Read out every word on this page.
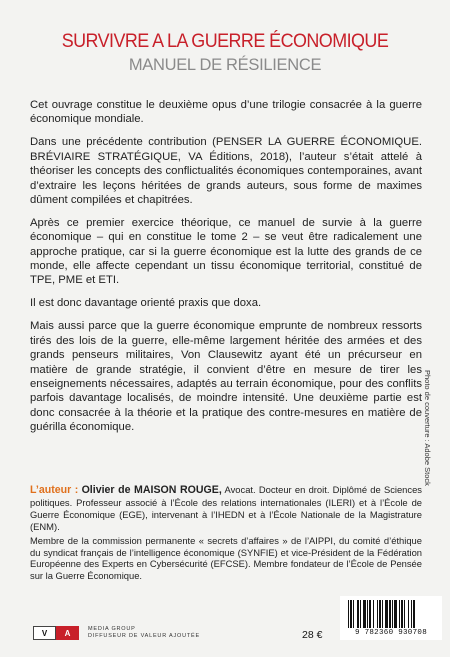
SURVIVRE A LA GUERRE ÉCONOMIQUE
MANUEL DE RÉSILIENCE

Cet ouvrage constitue le deuxième opus d’une trilogie consacrée à la guerre économique mondiale.

Dans une précédente contribution (PENSER LA GUERRE ÉCONOMIQUE. BRÉVIAIRE STRATÉGIQUE, VA Éditions, 2018), l’auteur s’était attelé à théoriser les concepts des conflictualités économiques contemporaines, avant d’extraire les leçons héritées de grands auteurs, sous forme de maximes dûment compilées et chapitrées.

Après ce premier exercice théorique, ce manuel de survie à la guerre économique – qui en constitue le tome 2 – se veut être radicalement une approche pratique, car si la guerre économique est la lutte des grands de ce monde, elle affecte cependant un tissu économique territorial, constitué de TPE, PME et ETI.

Il est donc davantage orienté praxis que doxa.

Mais aussi parce que la guerre économique emprunte de nombreux ressorts tirés des lois de la guerre, elle-même largement héritée des armées et des grands penseurs militaires, Von Clausewitz ayant été un précurseur en matière de grande stratégie, il convient d’être en mesure de tirer les enseignements nécessaires, adaptés au terrain économique, pour des conflits parfois davantage localisés, de moindre intensité. Une deuxième partie est donc consacrée à la théorie et la pratique des contre-mesures en matière de guérilla économique.

L’auteur : Olivier de MAISON ROUGE, Avocat. Docteur en droit. Diplômé de Sciences politiques. Professeur associé à l’École des relations internationales (ILERI) et à l’École de Guerre Économique (EGE), intervenant à l’IHEDN et à l’École Nationale de la Magistrature (ENM).

Membre de la commission permanente « secrets d’affaires » de l’AIPPI, du comité d’éthique du syndicat français de l’intelligence économique (SYNFIE) et vice-Président de la Fédération Européenne des Experts en Cybersécurité (EFCSE). Membre fondateur de l’École de Pensée sur la Guerre Économique.

Photo de couverture : Adobe Stock
V	A	MEDIA GROUP
DIFFUSEUR DE VALEUR AJOUTÉE	28 €	9 782360 930708
